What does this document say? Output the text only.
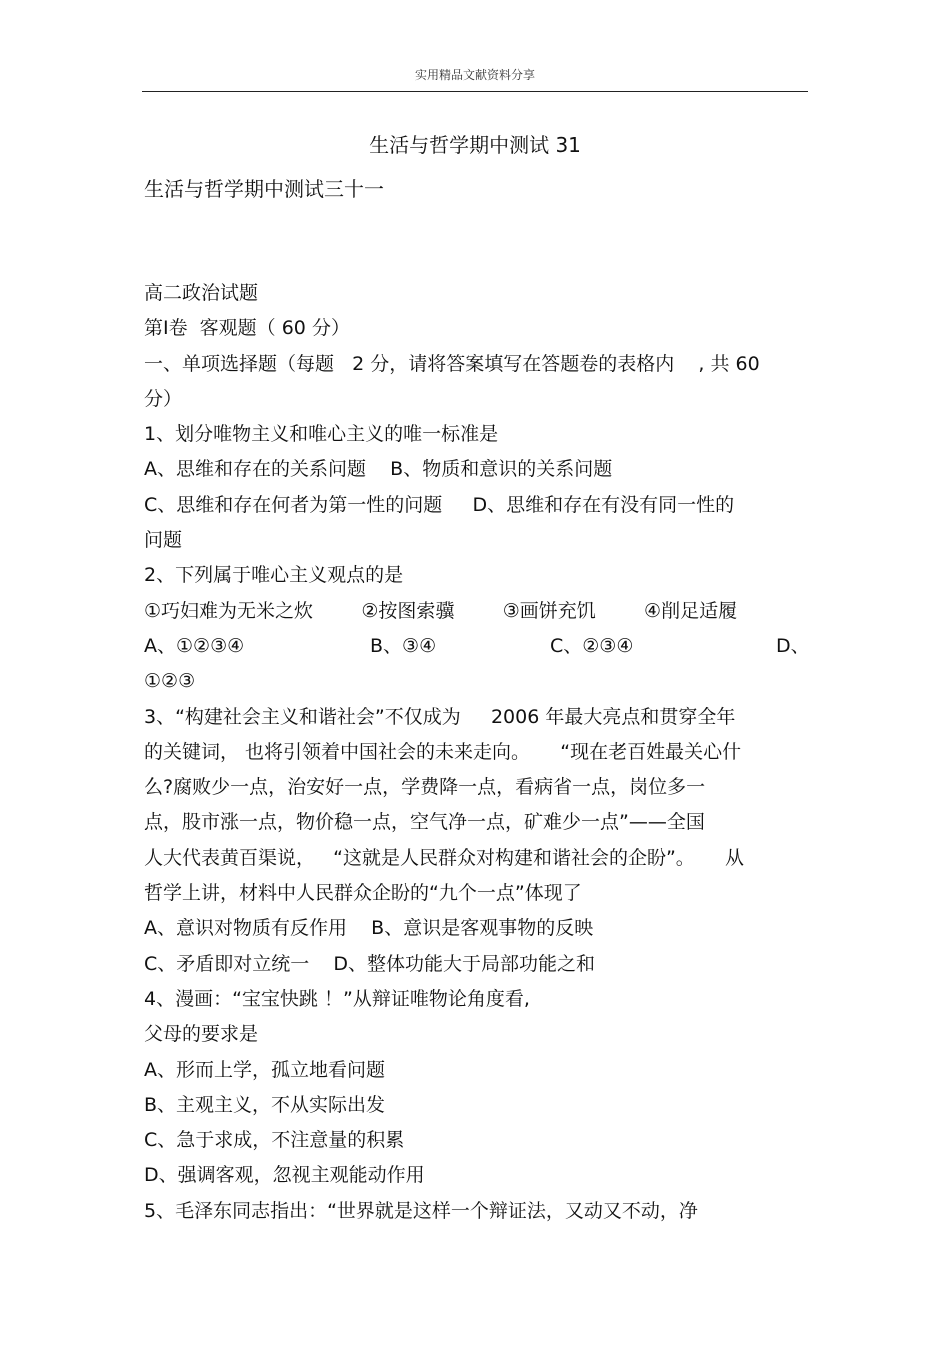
实用精品文献资料分享
生活与哲学期中测试 31
生活与哲学期中测试三十一
高二政治试题
第Ⅰ卷  客观题（ 60 分）
一、单项选择题（每题   2 分，请将答案填写在答题卷的表格内    , 共 60
分）
1、划分唯物主义和唯心主义的唯一标准是
A、思维和存在的关系问题    B、物质和意识的关系问题
C、思维和存在何者为第一性的问题     D、思维和存在有没有同一性的
问题
2、下列属于唯心主义观点的是
①巧妇难为无米之炊        ②按图索骥        ③画饼充饥        ④削足适履
A、①②③④	B、③④	C、②③④	D、
①②③
3、“构建社会主义和谐社会”不仅成为     2006 年最大亮点和贯穿全年
的关键词， 也将引领着中国社会的未来走向。     “现在老百姓最关心什
么?腐败少一点，治安好一点，学费降一点，看病省一点，岗位多一
点，股市涨一点，物价稳一点，空气净一点，矿难少一点”——全国
人大代表黄百渠说，   “这就是人民群众对构建和谐社会的企盼”。     从
哲学上讲，材料中人民群众企盼的“九个一点”体现了
A、意识对物质有反作用    B、意识是客观事物的反映
C、矛盾即对立统一    D、整体功能大于局部功能之和
4、漫画：“宝宝快跳 ！”从辩证唯物论角度看,
父母的要求是
A、形而上学，孤立地看问题
B、主观主义，不从实际出发
C、急于求成，不注意量的积累
D、强调客观，忽视主观能动作用
5、毛泽东同志指出：“世界就是这样一个辩证法，又动又不动，净
